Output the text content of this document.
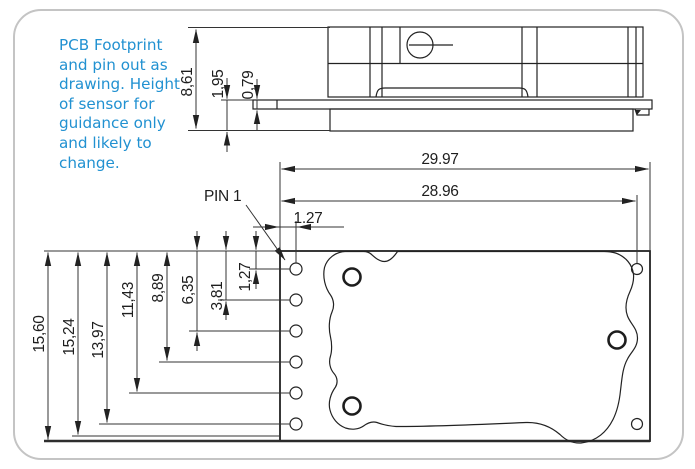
8,61 1,95 0,79
29.97
28.96
1.27
PIN 1
15,60 15,24 13,97
11,43 8,89 6,35 3,81
1,27
PCB Footprint
and pin out as
drawing. Height
of sensor for
guidance only
and likely to
change.
